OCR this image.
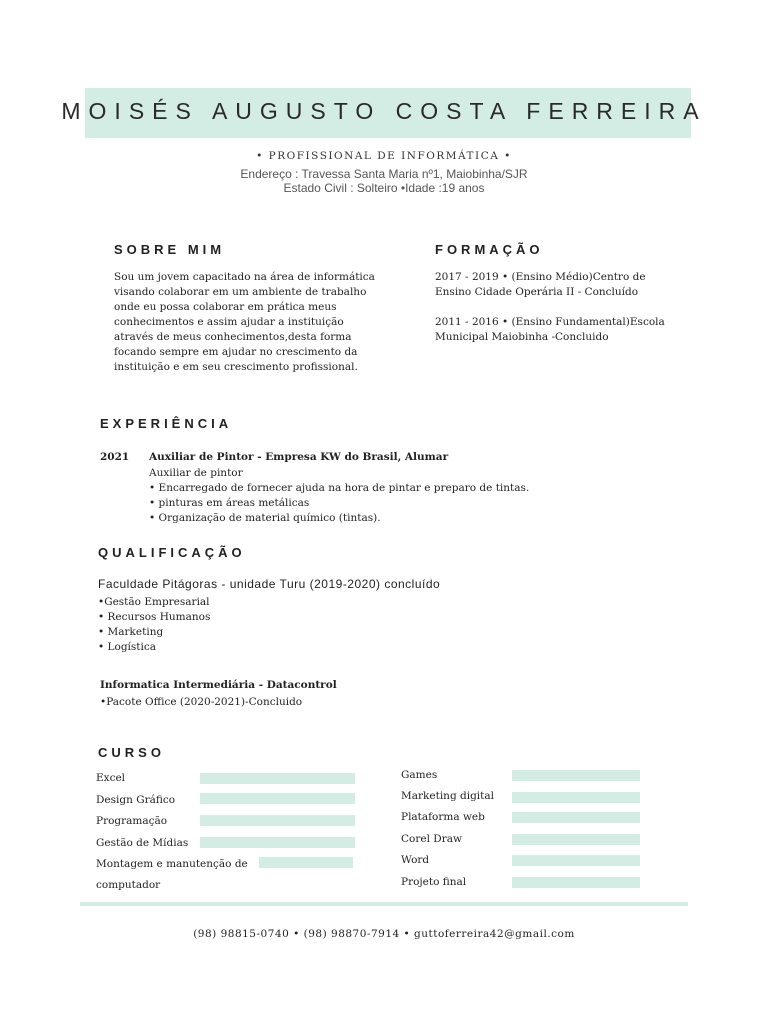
MOISÉS AUGUSTO COSTA FERREIRA
• PROFISSIONAL DE INFORMÁTICA •
Endereço : Travessa Santa Maria nº1, Maiobinha/SJR
Estado Civil : Solteiro •Idade :19 anos
SOBRE MIM
Sou um jovem capacitado na área de informática
visando colaborar em um ambiente de trabalho
onde eu possa colaborar em prática meus
conhecimentos e assim ajudar a instituição
através de meus conhecimentos,desta forma
focando sempre em ajudar no crescimento da
instituição e em seu crescimento profissional.
FORMAÇÃO
2017 - 2019 • (Ensino Médio)Centro de
Ensino Cidade Operária II - Concluído
2011 - 2016 • (Ensino Fundamental)Escola
Municipal Maiobinha -Concluido
EXPERIÊNCIA
2021 Auxiliar de Pintor - Empresa KW do Brasil, Alumar
Auxiliar de pintor
• Encarregado de fornecer ajuda na hora de pintar e preparo de tintas.
• pinturas em áreas metálicas
• Organização de material químico (tintas).
QUALIFICAÇÃO
Faculdade Pitágoras - unidade Turu (2019-2020) concluído
•Gestão Empresarial
• Recursos Humanos
• Marketing
• Logística
Informatica Intermediária - Datacontrol
•Pacote Office (2020-2021)-Concluido
CURSO
Excel
Design Gráfico
Programação
Gestão de Mídias
Montagem e manutenção de
computador
Games
Marketing digital
Plataforma web
Corel Draw
Word
Projeto final
(98) 98815-0740 • (98) 98870-7914 • guttoferreira42@gmail.com
